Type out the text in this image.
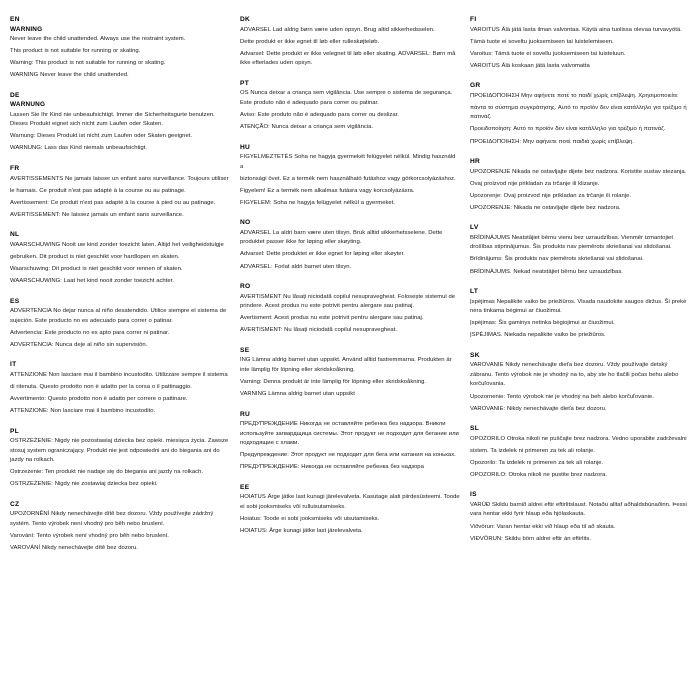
EN
WARNING

Never leave the child unattended. Always use the restraint system.

This product is not suitable for running or skating.

Warning: This product is not suitable for running or skating.

WARNING Never leave the child unattended.

DE
WARNUNG

Lassen Sie Ihr Kind nie unbeaufsichtigt. Immer die Sicherheitsgurte benutzen. Dieses Produkt eignet sich nicht zum Laufen oder Skaten.

Warnung: Dieses Produkt ist nicht zum Laufen oder Skaten geeignet.

WARNUNG: Lass das Kind niemals unbeaufsichtigt.

FR

AVERTISSEMENTS Ne jamais laisser un enfant sans surveillance. Toujours utiliser

le harnais. Ce produit n'est pas adapté à la course ou au patinage.

Avertissement: Ce produit n'est pas adapté à la course à pied ou au patinage.

AVERTISSEMENT: Ne laissez jamais un enfant sans surveillance.

NL

WAARSCHUWING Nooit uw kind zonder toezicht laten. Altijd het veiligheidstuigje

gebruiken. Dit product is niet geschikt voor hardlopen en skaten.

Waarschuwing: Dit product is niet geschikt voor rennen of skaten.

WAARSCHUWING: Laat het kind nooit zonder toezicht achter.

ES

ADVERTENCIA No dejar nunca al niño desatendido. Utilice siempre el sistema de sujeción. Este producto no es adecuado para correr o patinar.

Advertencia: Este producto no es apto para correr ni patinar.

ADVERTENCIA: Nunca deje al niño sin supervisión.

IT

ATTENZIONE Non lasciare mai il bambino incustodito. Utilizzare sempre il sistema

di ritenuta. Questo prodotto non è adatto per la corsa o il pattinaggio.

Avvertimento: Questo prodotto non è adatto per correre o pattinare.

ATTENZIONE: Non lasciare mai il bambino incustodito.

PL

OSTRZEŻENIE: Nigdy nie pozostawiaj dziecka bez opieki. miesiąca życia. Zawsze stosuj system ograniczający. Produkt nie jest odpowiedni ani do biegania ani do jazdy na rolkach.

Ostrzeżenie: Ten produkt nie nadaje się do biegania ani jazdy na rolkach.

OSTRZEŻENIE: Nigdy nie zostawiaj dziecka bez opieki.

CZ

UPOZORNĚNÍ Nikdy nenechávejte dítě bez dozoru. Vždy používejte zádržný systém. Tento výrobek není vhodný pro běh nebo bruslení.

Varování: Tento výrobek není vhodný pro běh nebo bruslení.

VAROVÁNÍ Nikdy nenechávejte dítě bez dozoru.

DK

ADVARSEL Lad aldrig børn være uden opsyn. Brug altid sikkerhedsselen.

Dette produkt er ikke egnet til løb eller rulleskøjteløb.

Advarsel: Dette produkt er ikke velegnet til løb eller skating. ADVARSEL: Børn må ikke efterlades uden opsyn.

PT

OS Nunca deixar a criança sem vigilância. Use sempre o sistema de segurança. Este produto não é adequado para correr ou patinar.

Aviso: Este produto não é adequado para correr ou deslizar.

ATENÇÃO: Nunca deixar a criança sem vigilância.

HU

FIGYELMEZTETÉS Soha ne hagyja gyermekét felügyelet nélkül. Mindig használd a

biztonsági övet. Ez a termék nem használható futáshoz vagy görkorcsolyázáshoz.

Figyelem! Ez a termék nem alkalmas futásra vagy korcsolyázásra.

FIGYELEM: Soha ne hagyja felügyelet nélkül a gyermeket.

NO

ADVARSEL La aldri barn være uten tilsyn. Bruk alltid sikkerhetsselene. Dette produktet passer ikke for løping eller skøyting.

Advarsel: Dette produktet er ikke egnet for løping eller skøyter.

ADVARSEL: Forlat aldri barnet uten tilsyn.

RO

AVERTISMENT Nu lăsați niciodată copilul nesupravegheat. Folosește sistemul de prindere. Acest produs nu este potrivit pentru alergare sau patinaj.

Avertisment: Acest produs nu este potrivit pentru alergare sau patinaj.

AVERTISMENT: Nu lăsați niciodată copilul nesupravegheat.

SE

ING Lämna aldrig barnet utan uppsikt. Använd alltid fastremmarna. Produkten är inte lämplig för löpning eller skridskoåkning.

Varning: Denna produkt är inte lämplig för löpning eller skridskoåkning.

VARNING Lämna aldrig barnet utan uppsikt

RU

ПРЕДУПРЕЖДЕНИЕ Никогда не оставляйте ребенка без надзора. Вникли используйте загвардщица системы. Этот продукт не подходит для бегание или подходящие с хлами.

Предупреждение: Этот продукт не подходит для бега или катания на коньках.

ПРЕДУПРЕЖДЕНИЕ: Никогда не оставляйте ребенка без надзора

EE

HOIATUS Ärge jätke last kunagi järelevalveta. Kasutage alati piirdesüsteemi. Toode ei sobi jooksmiseks või rulluisutamiseks.

Hoiatus: Toode ei sobi jooksmiseks või uisutamiseks.

HOIATUS: Ärge kunagi jätke last järelevalveta.

FI

VAROITUS Älä jätä lasta ilman valvontaa. Käytä aina tuolissa olevaa turvavyötä.

Tämä tuote ei soveltu juoksemiseen tai luistelemiseen.

Varoitus: Tämä tuote ei sovellu juoksemiseen tai luisteluun.

VAROITUS Älä koskaan jätä lasta valvomatta

GR

ΠΡΟΕΙΔΟΠΟΙΗΣΗ Μην αφήνετε ποτέ το παιδί χωρίς επίβλεψη. Χρησιμοποιείτε

πάντα το σύστημα συγκράτησης. Αυτό το προϊόν δεν είναι κατάλληλο για τρέξιμο ή πατινάζ.

Προειδοποίηση: Αυτό το προϊόν δεν είναι κατάλληλο για τρέξιμο ή πατινάζ.

ΠΡΟΕΙΔΟΠΟΙΗΣΗ: Μην αφήνετε ποτέ παιδιά χωρίς επίβλεψη.

HR

UPOZORENJE Nikada ne ostavljajte dijete bez nadzora. Koristite sustav stezanja.

Ovaj proizvod nije prikladan za trčanje ili klizanje.

Upozorenje: Ovaj proizvod nije prikladan za trčanje ili rolanje.

UPOZORENJE: Nikada ne ostavljajte dijete bez nadzora.

LV

BRĪDINĀJUMS Neatstājiet bērnu vienu bez uzraudzības. Vienmēr izmantojiet drošības stiprinājumus. Šis produkts nav piemērots skriešanai vai slidošanai.

Brīdinājums: Šis produkts nav piemērots skriešanai vai slidošanai.

BRĪDINĀJUMS. Nekad neatstājiet bērnu bez uzraudzības.

LT

Įspėjimas Nepalikite vaiko be priežiūros. Visada naudokite saugos diržus. Ši prekė nėra tinkama bėgimui ar čiuožimui.

Įspėjimas: Šis gaminys netinka bėgiojimui ar čiuožimui.

ĮSPĖJIMAS. Niekada nepalikite vaiko be priežiūros.

SK

VAROVANIE Nikdy nenechávajte dieťa bez dozoru. Vždy používajte detský zábranu. Tento výrobok nie je vhodný na to, aby ste ho tlačili počas behu alebo korčuľovania.

Upozornenie: Tento výrobok nie je vhodný na beh alebo korčuľovanie.

VAROVANIE: Nikdy nenechávajte dieťa bez dozoru.

SL

OPOZORILO Otroka nikoli ne puščajte brez nadzora. Vedno uporabite zadrževalni

sistem. Ta izdelek ni primeren za tek ali rolanje.

Opozorilo: Ta izdelek ni primeren za tek ali rolanje.

OPOZORILO: Otroka nikoli ne pustite brez nadzora.

IS

VARÚÐ Skildu barnið aldrei eftir eftirlitslaust. Notaðu alltaf aðhaldsbúnaðinn. Þessi vara hentar ekki fyrir hlaup eða hjólaskauta.

Viðvörun: Varan hentar ekki við hlaup eða til að skauta.

VIÐVÖRUN: Skildu börn aldrei eftir án eftirlits.
